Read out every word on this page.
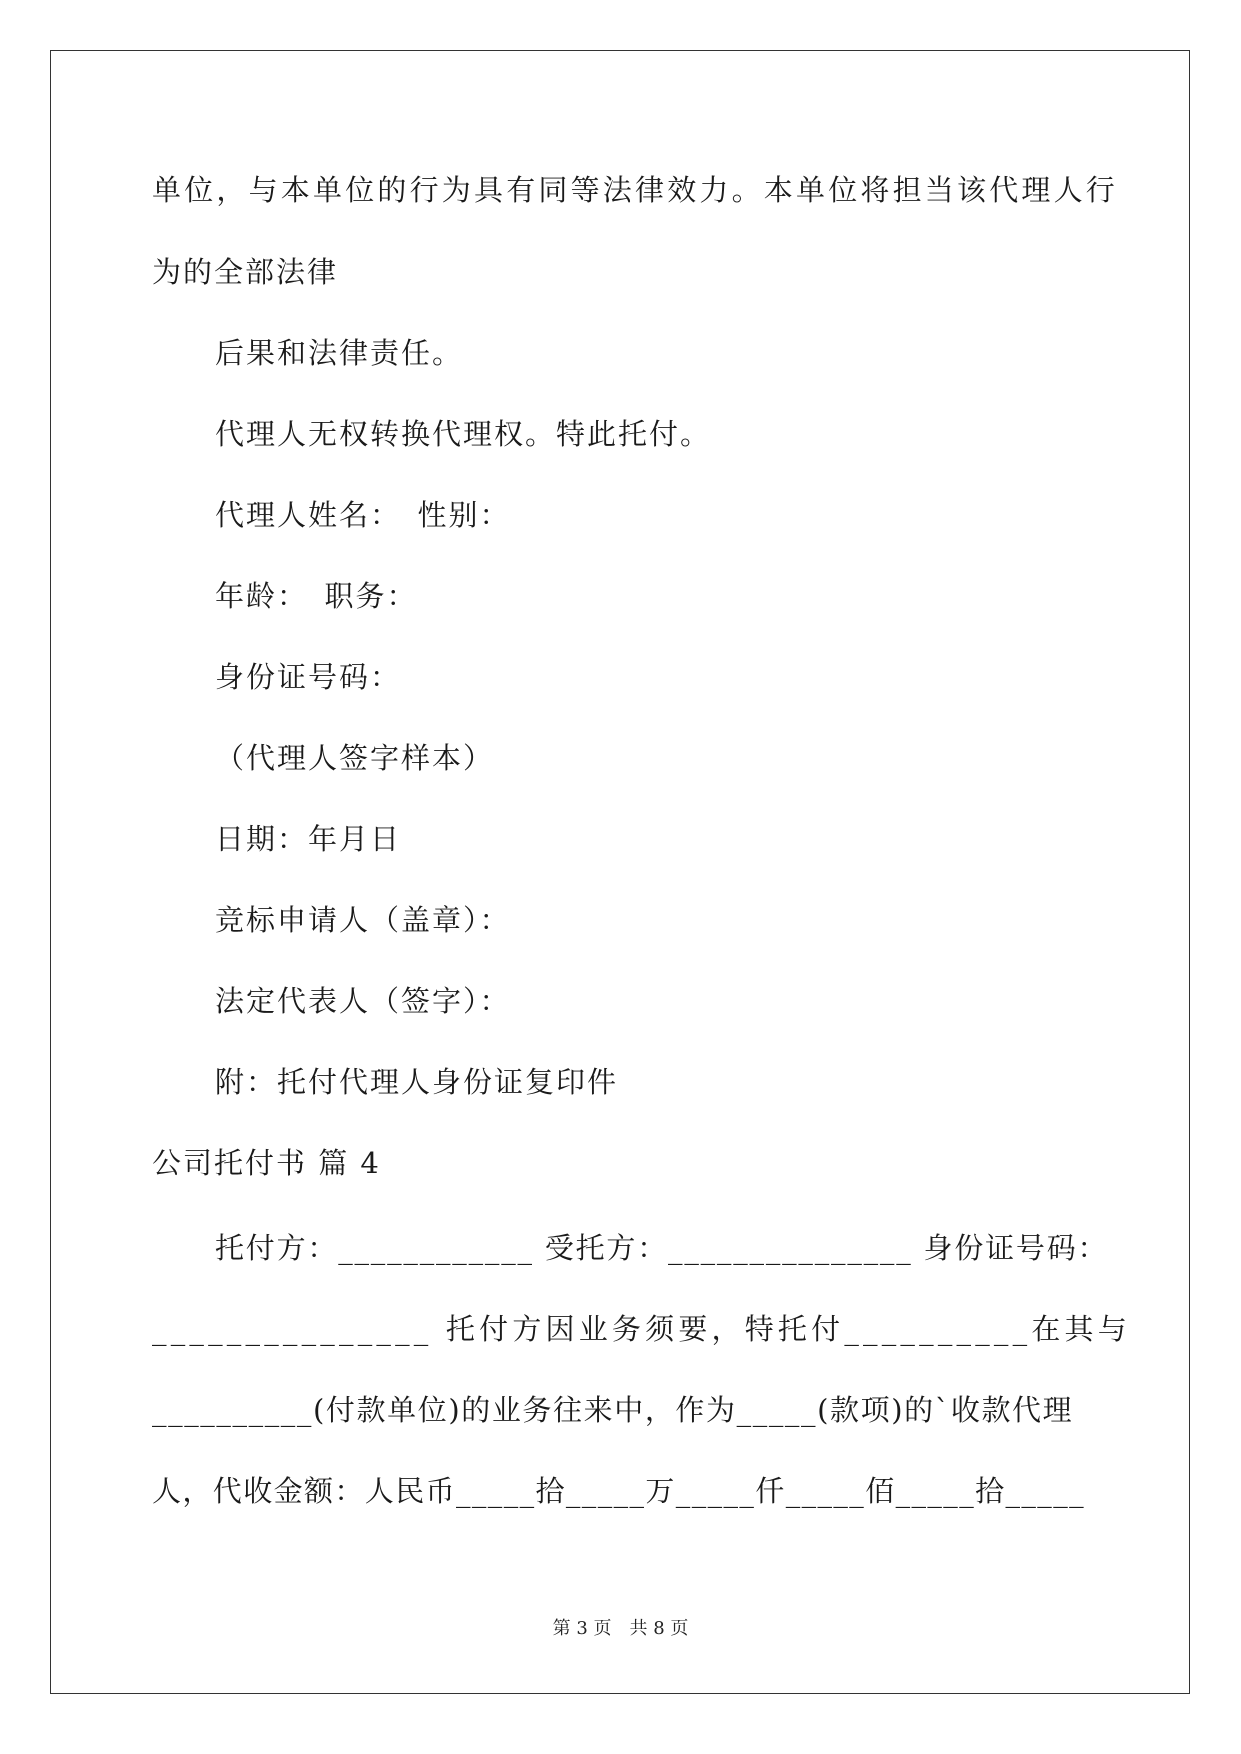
单位，与本单位的行为具有同等法律效力。本单位将担当该代理人行
为的全部法律
后果和法律责任。
代理人无权转换代理权。特此托付。
代理人姓名：　性别：
年龄：　职务：
身份证号码：
（代理人签字样本）
日期：年月日
竞标申请人（盖章）：
法定代表人（签字）：
附：托付代理人身份证复印件
公司托付书 篇 4
托付方：____________ 受托方：_______________ 身份证号码：
_______________ 托付方因业务须要，特托付__________在其与
__________(付款单位)的业务往来中，作为_____(款项)的`收款代理
人，代收金额：人民币_____拾_____万_____仟_____佰_____拾_____
第 3 页　共 8 页
